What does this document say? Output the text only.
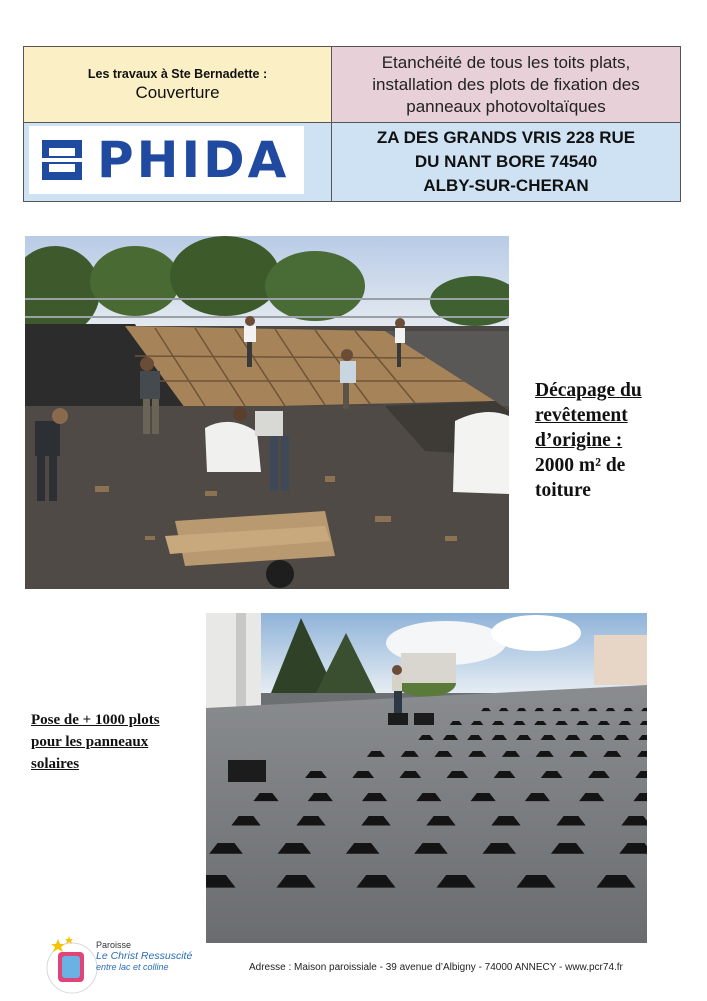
Les travaux à Ste Bernadette :
Couverture
Etanchéité de tous les toits plats,
installation des plots de fixation des
panneaux photovoltaïques
PHIDA	ZA DES GRANDS VRIS 228 RUE
DU NANT BORE 74540
ALBY-SUR-CHERAN
Décapage du
revêtement
d’origine :
2000 m² de
toiture
Pose de + 1000 plots
pour les panneaux
solaires
Paroisse
Le Christ Ressuscité
entre lac et colline	Adresse : Maison paroissiale - 39 avenue d’Albigny - 74000 ANNECY - www.pcr74.fr
